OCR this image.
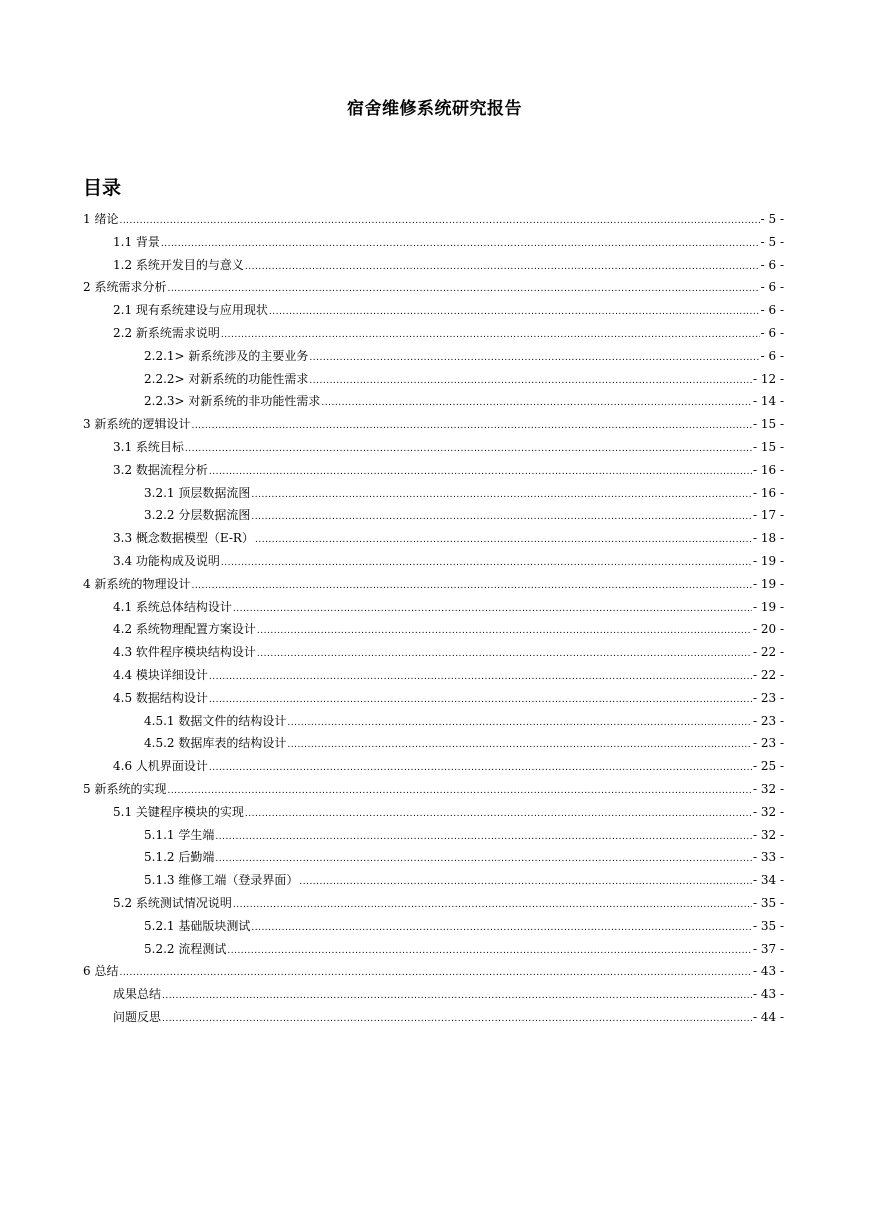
宿舍维修系统研究报告
目录
1 绪论 .....	- 5 -
1.1 背景 .....	- 5 -
1.2 系统开发目的与意义 .....	- 6 -
2 系统需求分析 .....	- 6 -
2.1 现有系统建设与应用现状 .....	- 6 -
2.2 新系统需求说明 .....	- 6 -
2.2.1> 新系统涉及的主要业务 .....	- 6 -
2.2.2> 对新系统的功能性需求 .....	- 12 -
2.2.3> 对新系统的非功能性需求 .....	- 14 -
3 新系统的逻辑设计 .....	- 15 -
3.1 系统目标 .....	- 15 -
3.2 数据流程分析 .....	- 16 -
3.2.1 顶层数据流图 .....	- 16 -
3.2.2 分层数据流图 .....	- 17 -
3.3 概念数据模型（E-R） .....	- 18 -
3.4 功能构成及说明 .....	- 19 -
4 新系统的物理设计 .....	- 19 -
4.1 系统总体结构设计 .....	- 19 -
4.2 系统物理配置方案设计 .....	- 20 -
4.3 软件程序模块结构设计 .....	- 22 -
4.4 模块详细设计 .....	- 22 -
4.5 数据结构设计 .....	- 23 -
4.5.1 数据文件的结构设计 .....	- 23 -
4.5.2 数据库表的结构设计 .....	- 23 -
4.6 人机界面设计 .....	- 25 -
5 新系统的实现 .....	- 32 -
5.1 关键程序模块的实现 .....	- 32 -
5.1.1 学生端 .....	- 32 -
5.1.2 后勤端 .....	- 33 -
5.1.3 维修工端（登录界面） .....	- 34 -
5.2 系统测试情况说明 .....	- 35 -
5.2.1 基础版块测试 .....	- 35 -
5.2.2 流程测试 .....	- 37 -
6 总结 .....	- 43 -
成果总结 .....	- 43 -
问题反思 .....	- 44 -
